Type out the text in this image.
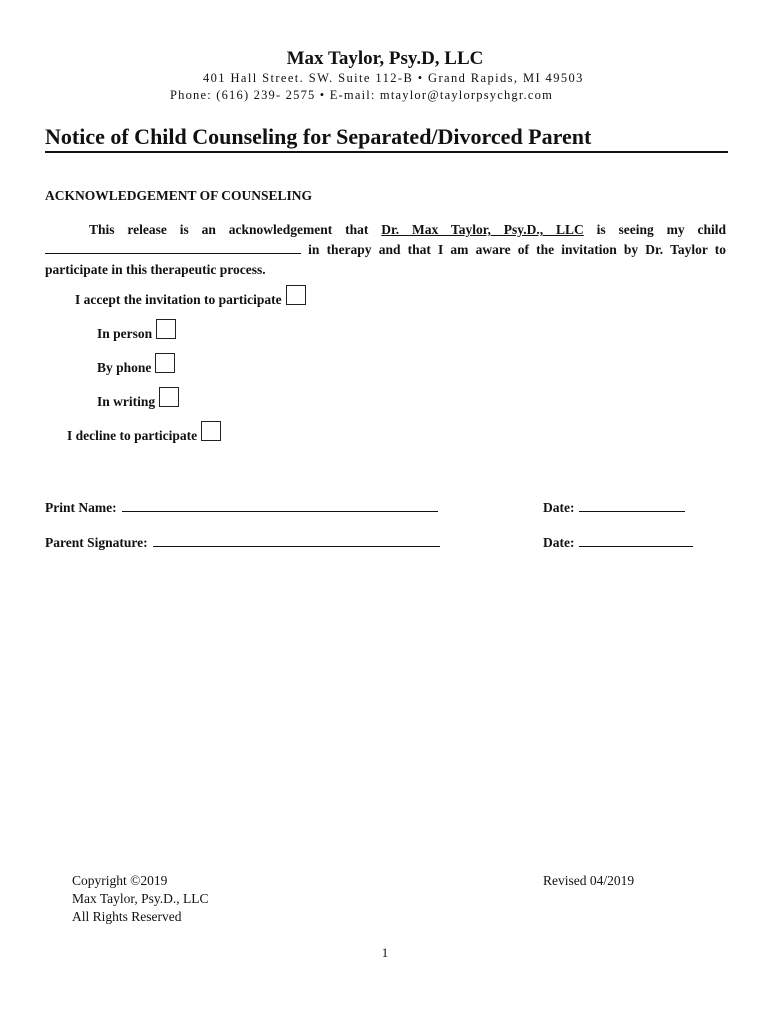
Max Taylor, Psy.D, LLC
401 Hall Street. SW. Suite 112-B • Grand Rapids, MI 49503
Phone: (616) 239- 2575 • E-mail: mtaylor@taylorpsychgr.com
Notice of Child Counseling for Separated/Divorced Parent
ACKNOWLEDGEMENT OF COUNSELING
This release is an acknowledgement that Dr. Max Taylor, Psy.D., LLC is seeing my child  in therapy and that I am aware of the invitation by Dr. Taylor to participate in this therapeutic process.
I accept the invitation to participate
In person
By phone
In writing
I decline to participate
Print Name:	Date:
Parent Signature:	Date:
Copyright ©2019
Max Taylor, Psy.D., LLC
All Rights Reserved
Revised 04/2019
1
